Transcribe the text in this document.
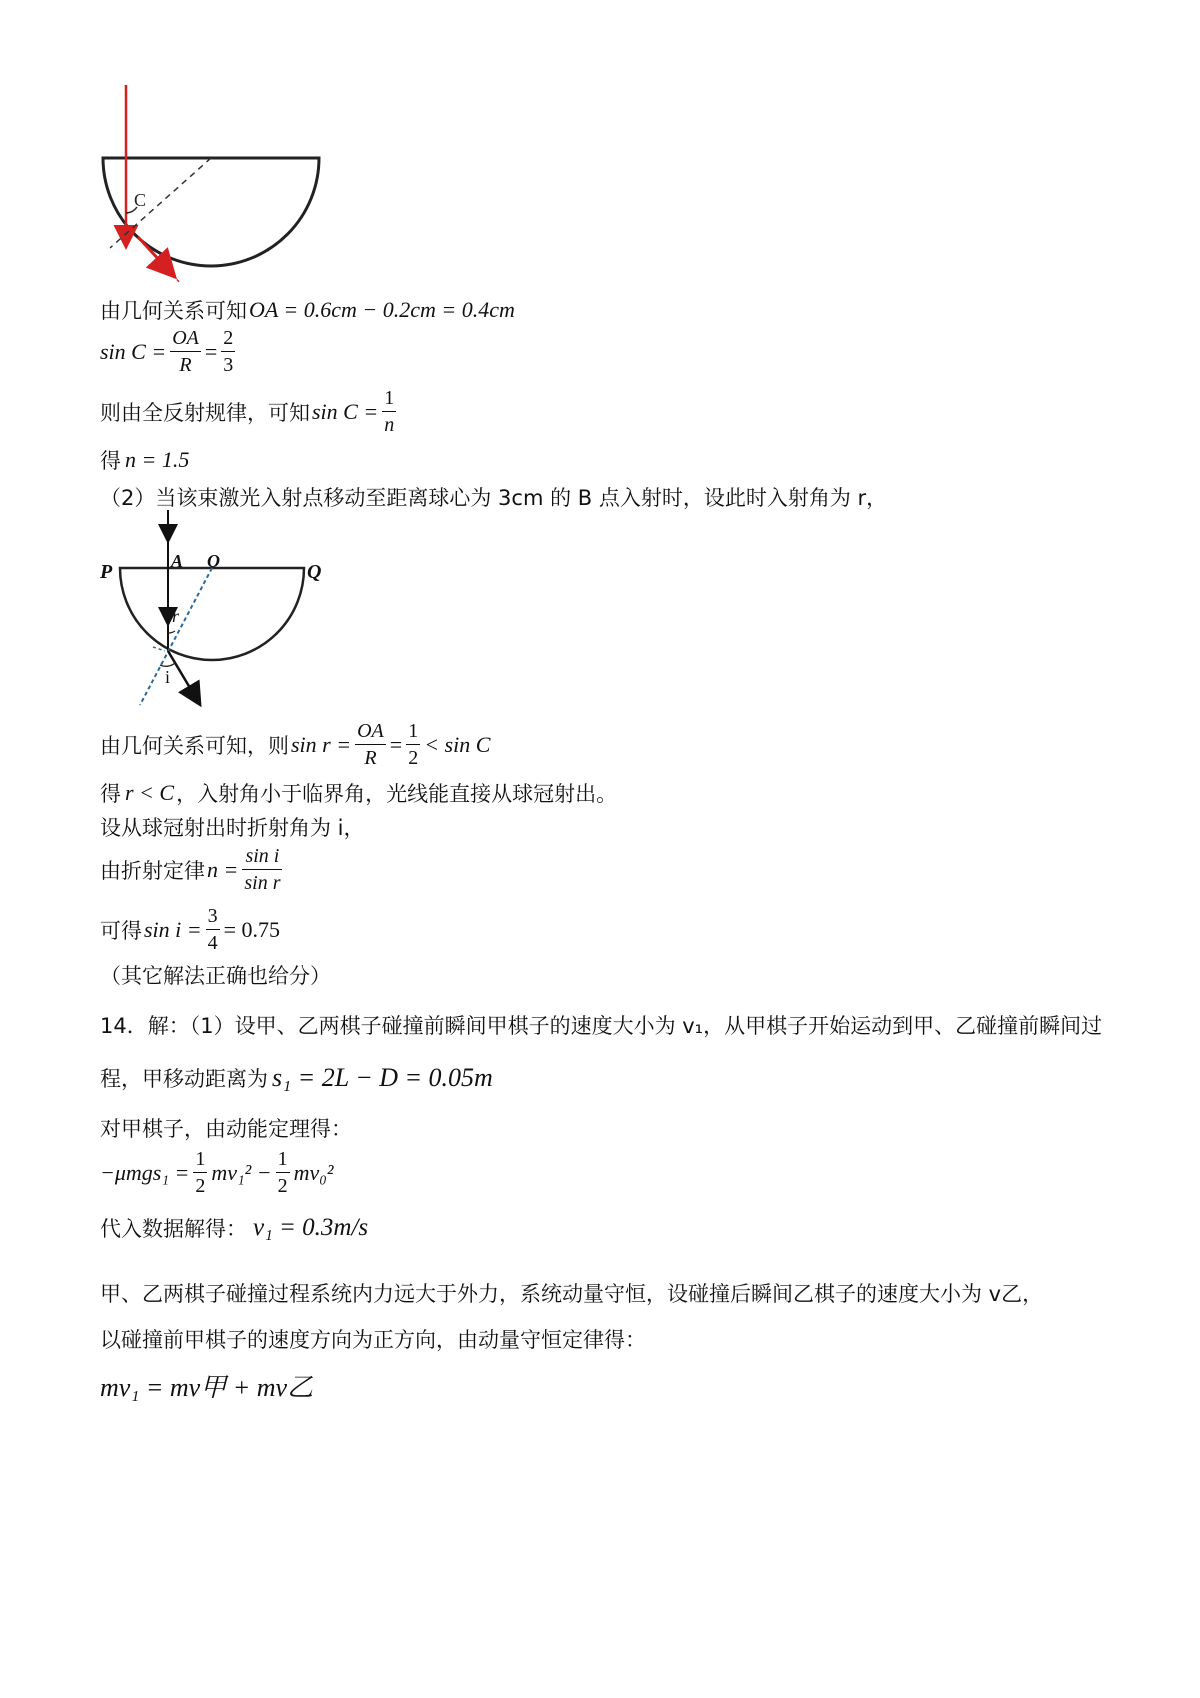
C
由几何关系可知 OA = 0.6cm − 0.2cm = 0.4cm
$\sin C = \frac{OA}{R} = \frac{2}{3}$
则由全反射规律，可知 $\sin C = \frac{1}{n}$
得 n = 1.5
（2）当该束激光入射点移动至距离球心为 3cm 的 B 点入射时，设此时入射角为 r，
P	A O	Q
r
i
由几何关系可知，则 $\sin r = \frac{OA}{R} = \frac{1}{2} < \sin C$
得 r < C ，入射角小于临界角，光线能直接从球冠射出。
设从球冠射出时折射角为 i，
由折射定律 $n = \frac{\text{sin i}}{\text{sin r}}$
可得 $\sin i = \frac{3}{4} = 0.75$
（其它解法正确也给分）
14．解：（1）设甲、乙两棋子碰撞前瞬间甲棋子的速度大小为 v₁，从甲棋子开始运动到甲、乙碰撞前瞬间过
程，甲移动距离为 s₁ = 2L − D = 0.05m
对甲棋子，由动能定理得：
$-\mu mgs_1 = \frac{1}{2} mv_1^2 - \frac{1}{2} mv_0^2$
代入数据解得： v₁ = 0.3m/s
甲、乙两棋子碰撞过程系统内力远大于外力，系统动量守恒，设碰撞后瞬间乙棋子的速度大小为 v乙，
以碰撞前甲棋子的速度方向为正方向，由动量守恒定律得：
mv₁ = mv甲 + mv乙
